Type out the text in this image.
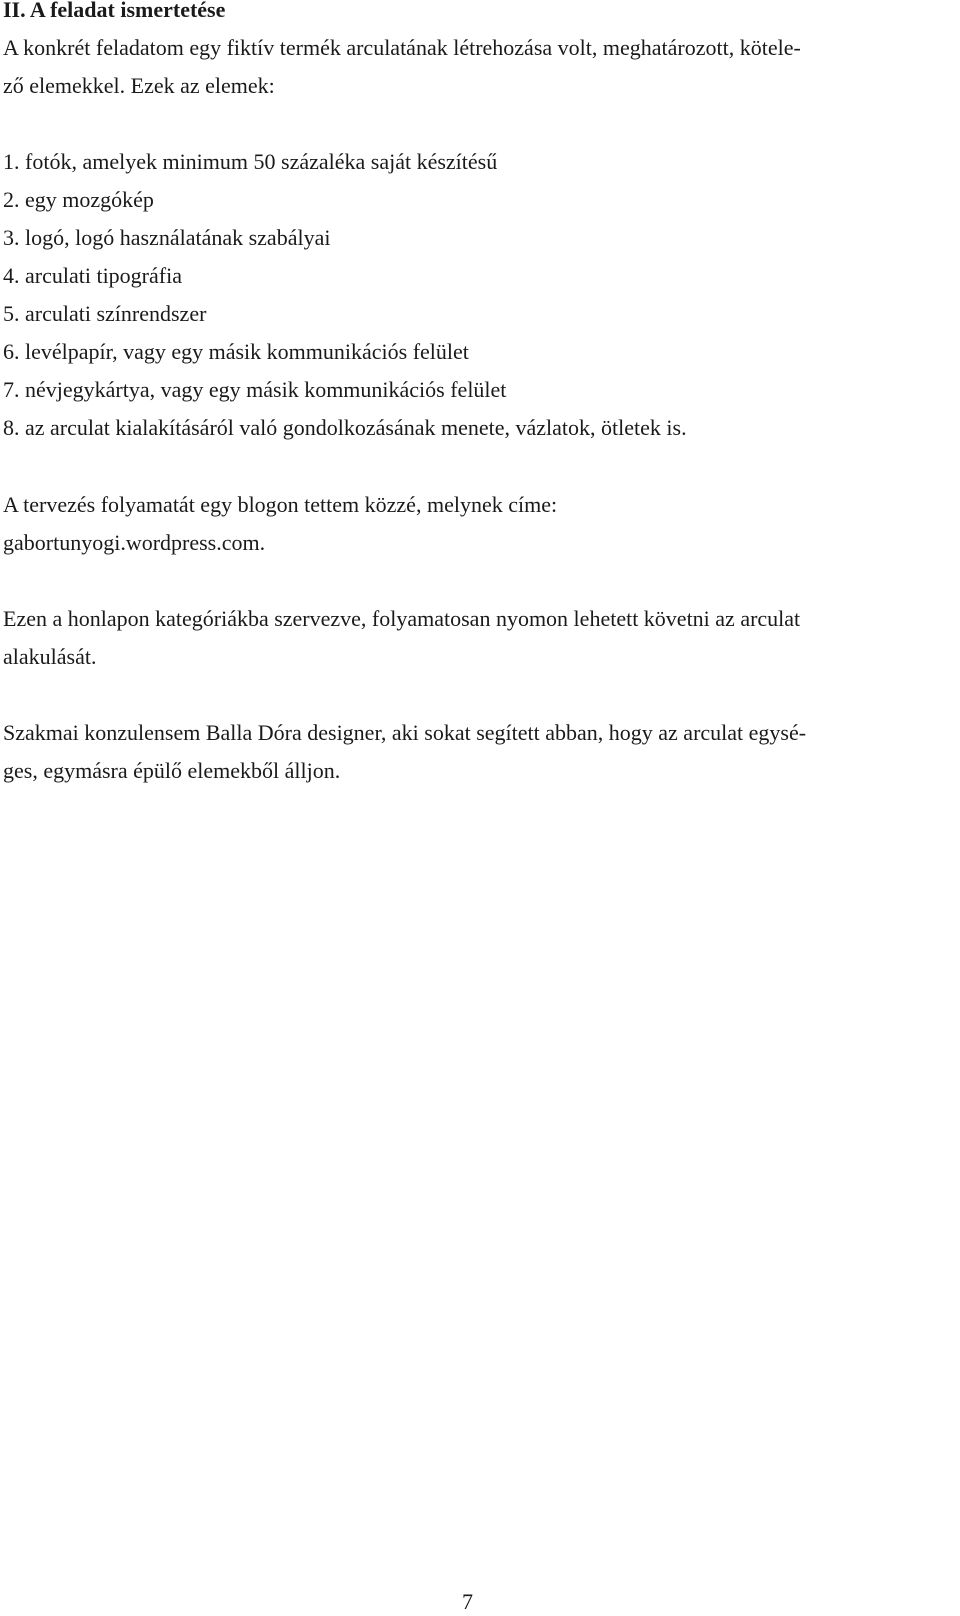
II. A feladat ismertetése
A konkrét feladatom egy fiktív termék arculatának létrehozása volt, meghatározott, kötele-
ző elemekkel. Ezek az elemek:
1. fotók, amelyek minimum 50 százaléka saját készítésű
2. egy mozgókép
3. logó, logó használatának szabályai
4. arculati tipográfia
5. arculati színrendszer
6. levélpapír, vagy egy másik kommunikációs felület
7. névjegykártya, vagy egy másik kommunikációs felület
8. az arculat kialakításáról való gondolkozásának menete, vázlatok, ötletek is.
A tervezés folyamatát egy blogon tettem közzé, melynek címe:
gabortunyogi.wordpress.com.
Ezen a honlapon kategóriákba szervezve, folyamatosan nyomon lehetett követni az arculat
alakulását.
Szakmai konzulensem Balla Dóra designer, aki sokat segített abban, hogy az arculat egysé-
ges, egymásra épülő elemekből álljon.
7
